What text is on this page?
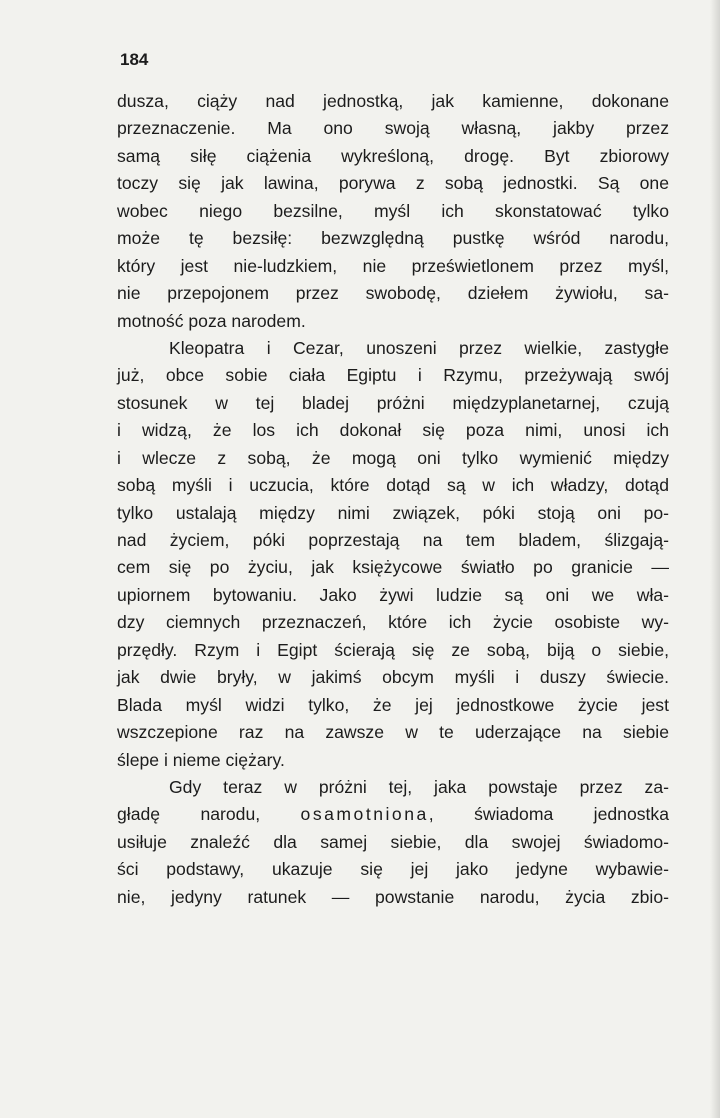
184
dusza, ciąży nad jednostką, jak kamienne, dokonane
przeznaczenie. Ma ono swoją własną, jakby przez
samą siłę ciążenia wykreśloną, drogę. Byt zbiorowy
toczy się jak lawina, porywa z sobą jednostki. Są one
wobec niego bezsilne, myśl ich skonstatować tylko
może tę bezsiłę: bezwzględną pustkę wśród narodu,
który jest nie-ludzkiem, nie prześwietlonem przez myśl,
nie przepojonem przez swobodę, dziełem żywiołu, sa-
motność poza narodem.
Kleopatra i Cezar, unoszeni przez wielkie, zastygłe
już, obce sobie ciała Egiptu i Rzymu, przeżywają swój
stosunek w tej bladej próżni międzyplanetarnej, czują
i widzą, że los ich dokonał się poza nimi, unosi ich
i wlecze z sobą, że mogą oni tylko wymienić między
sobą myśli i uczucia, które dotąd są w ich władzy, dotąd
tylko ustalają między nimi związek, póki stoją oni po-
nad życiem, póki poprzestają na tem bladem, ślizgają-
cem się po życiu, jak księżycowe światło po granicie —
upiornem bytowaniu. Jako żywi ludzie są oni we wła-
dzy ciemnych przeznaczeń, które ich życie osobiste wy-
przędły. Rzym i Egipt ścierają się ze sobą, biją o siebie,
jak dwie bryły, w jakimś obcym myśli i duszy świecie.
Blada myśl widzi tylko, że jej jednostkowe życie jest
wszczepione raz na zawsze w te uderzające na siebie
ślepe i nieme ciężary.
Gdy teraz w próżni tej, jaka powstaje przez za-
gładę narodu, osamotniona, świadoma jednostka
usiłuje znaleźć dla samej siebie, dla swojej świadomo-
ści podstawy, ukazuje się jej jako jedyne wybawie-
nie, jedyny ratunek — powstanie narodu, życia zbio-
